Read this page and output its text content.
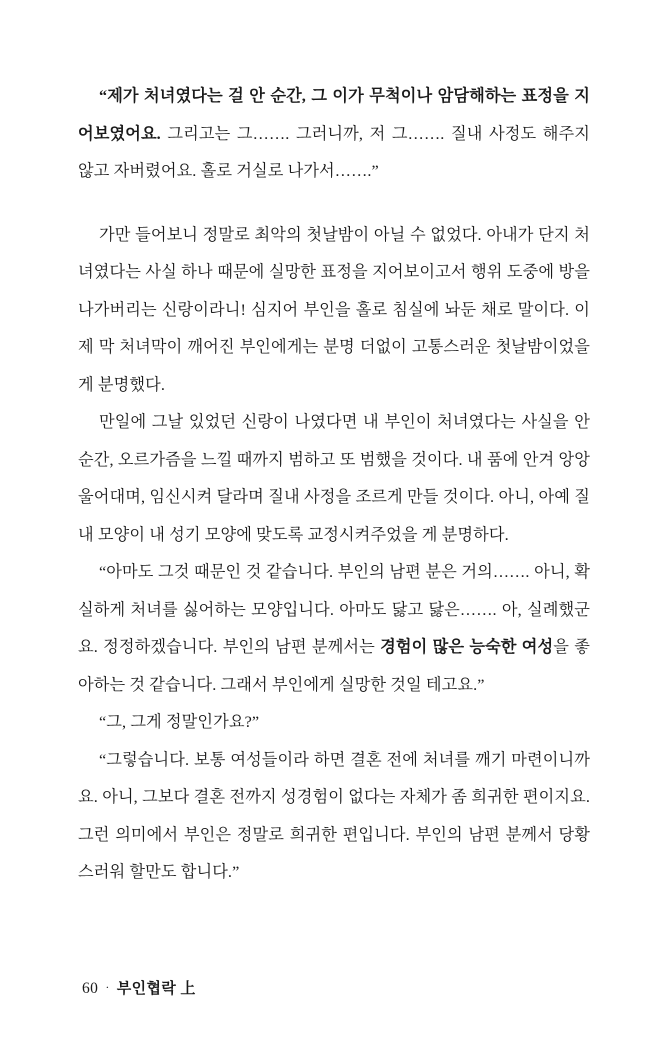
“제가 처녀였다는 걸 안 순간, 그 이가 무척이나 암담해하는 표정을 지어보였어요. 그리고는 그……. 그러니까, 저 그……. 질내 사정도 해주지 않고 자버렸어요. 홀로 거실로 나가서…….”

가만 들어보니 정말로 최악의 첫날밤이 아닐 수 없었다. 아내가 단지 처녀였다는 사실 하나 때문에 실망한 표정을 지어보이고서 행위 도중에 방을 나가버리는 신랑이라니! 심지어 부인을 홀로 침실에 놔둔 채로 말이다. 이제 막 처녀막이 깨어진 부인에게는 분명 더없이 고통스러운 첫날밤이었을 게 분명했다.

만일에 그날 있었던 신랑이 나였다면 내 부인이 처녀였다는 사실을 안 순간, 오르가즘을 느낄 때까지 범하고 또 범했을 것이다. 내 품에 안겨 앙앙 울어대며, 임신시켜 달라며 질내 사정을 조르게 만들 것이다. 아니, 아예 질내 모양이 내 성기 모양에 맞도록 교정시켜주었을 게 분명하다.

“아마도 그것 때문인 것 같습니다. 부인의 남편 분은 거의……. 아니, 확실하게 처녀를 싫어하는 모양입니다. 아마도 닳고 닳은……. 아, 실례했군요. 정정하겠습니다. 부인의 남편 분께서는 경험이 많은 능숙한 여성을 좋아하는 것 같습니다. 그래서 부인에게 실망한 것일 테고요.”

“그, 그게 정말인가요?”

“그렇습니다. 보통 여성들이라 하면 결혼 전에 처녀를 깨기 마련이니까요. 아니, 그보다 결혼 전까지 성경험이 없다는 자체가 좀 희귀한 편이지요. 그런 의미에서 부인은 정말로 희귀한 편입니다. 부인의 남편 분께서 당황스러워 할만도 합니다.”

60 · 부인협락 上
